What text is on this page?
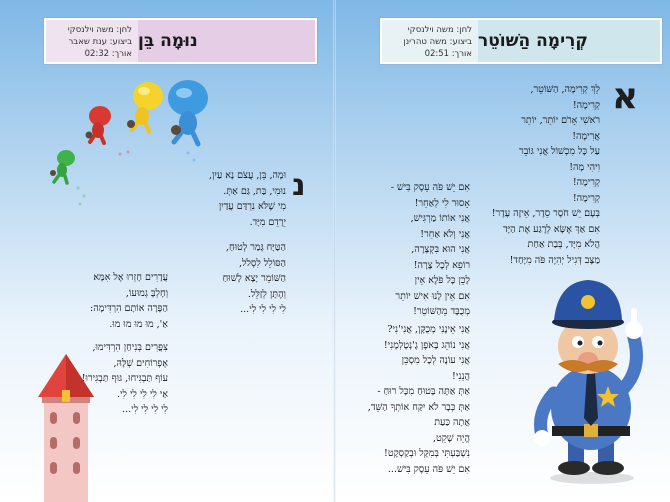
לחן: משה וילנסקי
ביצוע: ענת שאבר
אורך: 02:32
נוּמָה בֵּן
לחן: משה וילנסקי
ביצוע: משה טהרינן
אורך: 02:51
קְרִימָה הַשּׁוֹטֵר
נ
וּמָה, בֵּן, עֲצֹם נָא עַיִן,
נוּמִי, בַּת, גַּם אַתְּ.
מִי שֶׁלֹּא נִרְדַּם עֲדַיִן
יֵרָדֵם מִיָּד.
הַטַּיָּח גָּמַר לְטוּחַ,
הַסּוֹלֵל לִסְלֹל,
הַשּׁוֹמֵר יָצָא לָשׁוּחַ
וְהֶתָּן לְזַלֵּל.
לִי לִי לִי לִי...
עֲדָרִים חָזְרוּ אֶל אִמָּא
וְחָלְבָּ גְמוּעוֹ,
הַפָּרָה אוֹתָם הִרְדִּימָה:
אַ', מוּ מוּ מוּ מוּ.
צִפֳּרִים בְּנִיחַן הִרְדִּימוּ,
אֶפְרוֹחִים שְׁלָּהּ,
עוֹף תַּבְגִּיחוּ, גּוּף תַּבְגִּירוּ!
אַי לִי לִי לִי לִי.
לִי לִי לִי לִי...
א
לֵךְ קְרִימָה, הַשּׁוֹטֵר,
קְרִימָה!
רֹאשִׁי אָרֹם יוֹתֵר, יוֹתֵר
אֲרִימָה!
עַל כָּל מִכְשׁוֹל אֲנִי גּוֹבֵר
וִיהִי מָה!
קְרִימָה!
קְרִימָה!
בְּעָם יֵשׁ חֹסֶר סֵדֶר, אֵיזֶה עֶדֶר!
אִם אַךְ אֶשָּׂא לְרֶגַע אֶת הַיָּד
הֲלֹא מִיָּד, בְּבַת אַחַת
מַצָּב דְּגִיל יְהִיֶה פֹּה מִיָּחַד!
אִם יֵשׁ פֹּה עֵסֶק בִּישׁ -
אָסוּר לִי לְאַחֵר!
אֲנִי אוֹתוֹ מַרְגִּישׁ,
אֲנִי וְלֹא אַחֵר!
אֲנִי הוּא בִּקְצָרָה,
רוֹפֵא לְכָל צָרָה!
לָכֵן כָּל פֹּלֶא אֵין
אִם אֵין לָנוּ אִישׁ יוֹתֵר
מְכֻבָּד מֵהַשּׁוֹטֵר!
אֲנִי אֵינֶנִּי מְכֻקָּן, אֲנִי'נִי?
אֲנִי נוֹהֵג בָּאֹפֶן גֶ'נְטֶלְמֶנִי!
אֲנִי עוֹנֶה לְכָל מִסְכֵּן
הֲנֵנִי!
אַתְּ אַתָּה בָּטוּחַ מִכָּל רוּחַ -
אַתְּ כְּבָר לֹא יִקַּח אוֹתְךָ הַשֵּׁד,
אֲתָה כַּעַת
הֱיֵה שָׁקֵט,
נִשְׁבַּעְתִּי בְּמִקָּל וּבְקַסְקֶט!
אִם יֵשׁ פֹּה עֵסֶק בִּישׁ...
